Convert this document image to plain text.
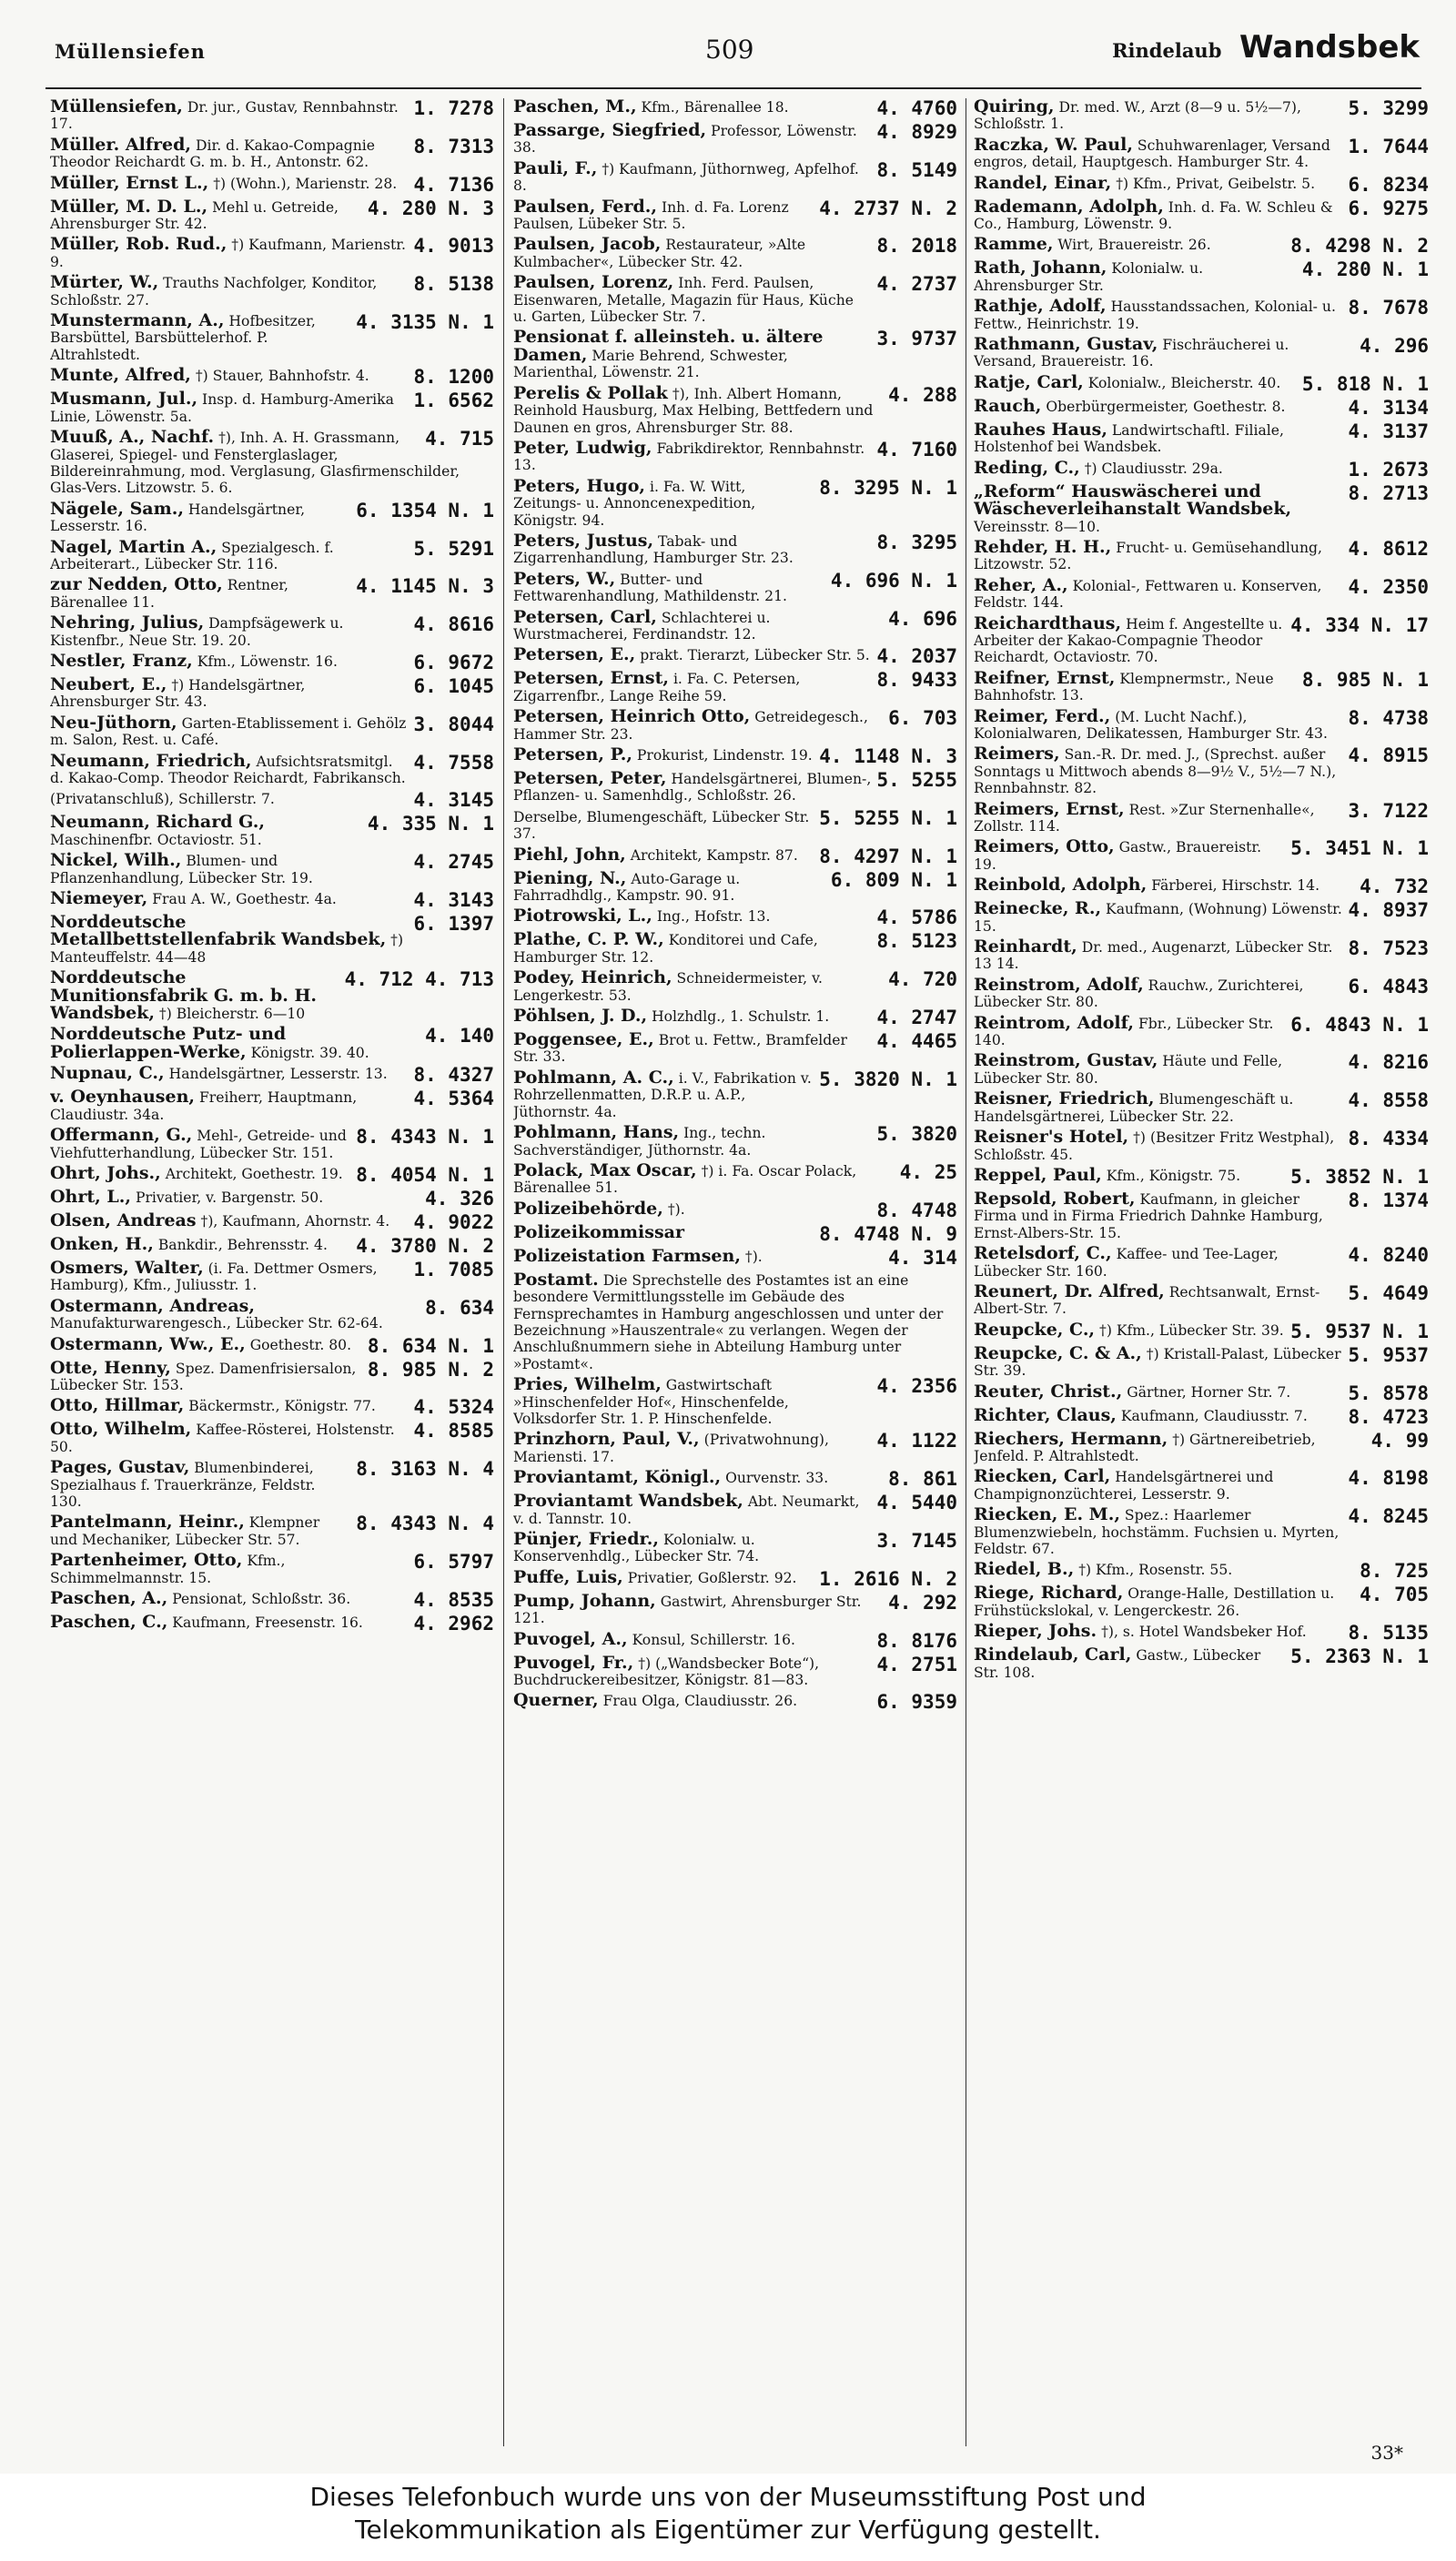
Müllensiefen	509	Rindelaub Wandsbek
1. 7278
Müllensiefen, Dr. jur., Gustav, Rennbahnstr. 17.
8. 7313
Müller. Alfred, Dir. d. Kakao-Compagnie Theodor Reichardt G. m. b. H., Antonstr. 62.
4. 7136
Müller, Ernst L., †) (Wohn.), Marienstr. 28.
4. 280 N. 3
Müller, M. D. L., Mehl u. Getreide, Ahrensburger Str. 42.
4. 9013
Müller, Rob. Rud., †) Kaufmann, Marienstr. 9.
8. 5138
Mürter, W., Trauths Nachfolger, Konditor, Schloßstr. 27.
4. 3135 N. 1
Munstermann, A., Hofbesitzer, Barsbüttel, Barsbüttelerhof. P. Altrahlstedt.
8. 1200
Munte, Alfred, †) Stauer, Bahnhofstr. 4.
1. 6562
Musmann, Jul., Insp. d. Hamburg-Amerika Linie, Löwenstr. 5a.
4. 715
Muuß, A., Nachf. †), Inh. A. H. Grassmann, Glaserei, Spiegel- und Fensterglaslager, Bildereinrahmung, mod. Verglasung, Glasfirmenschilder, Glas-Vers. Litzowstr. 5. 6.
6. 1354 N. 1
Nägele, Sam., Handelsgärtner, Lesserstr. 16.
5. 5291
Nagel, Martin A., Spezialgesch. f. Arbeiterart., Lübecker Str. 116.
4. 1145 N. 3
zur Nedden, Otto, Rentner, Bärenallee 11.
4. 8616
Nehring, Julius, Dampfsägewerk u. Kistenfbr., Neue Str. 19. 20.
6. 9672
Nestler, Franz, Kfm., Löwenstr. 16.
6. 1045
Neubert, E., †) Handelsgärtner, Ahrensburger Str. 43.
3. 8044
Neu-Jüthorn, Garten-Etablissement i. Gehölz m. Salon, Rest. u. Café.
4. 7558
Neumann, Friedrich, Aufsichtsratsmitgl. d. Kakao-Comp. Theodor Reichardt, Fabrikansch.
4. 3145
(Privatanschluß), Schillerstr. 7.
4. 335 N. 1
Neumann, Richard G., Maschinenfbr. Octaviostr. 51.
4. 2745
Nickel, Wilh., Blumen- und Pflanzenhandlung, Lübecker Str. 19.
4. 3143
Niemeyer, Frau A. W., Goethestr. 4a.
6. 1397
Norddeutsche Metallbettstellenfabrik Wandsbek, †) Manteuffelstr. 44—48
4. 712 4. 713
Norddeutsche Munitionsfabrik G. m. b. H. Wandsbek, †) Bleicherstr. 6—10
4. 140
Norddeutsche Putz- und Polierlappen-Werke, Königstr. 39. 40.
8. 4327
Nupnau, C., Handelsgärtner, Lesserstr. 13.
4. 5364
v. Oeynhausen, Freiherr, Hauptmann, Claudiustr. 34a.
8. 4343 N. 1
Offermann, G., Mehl-, Getreide- und Viehfutterhandlung, Lübecker Str. 151.
8. 4054 N. 1
Ohrt, Johs., Architekt, Goethestr. 19.
4. 326
Ohrt, L., Privatier, v. Bargenstr. 50.
4. 9022
Olsen, Andreas †), Kaufmann, Ahornstr. 4.
4. 3780 N. 2
Onken, H., Bankdir., Behrensstr. 4.
1. 7085
Osmers, Walter, (i. Fa. Dettmer Osmers, Hamburg), Kfm., Juliusstr. 1.
8. 634
Ostermann, Andreas, Manufakturwarengesch., Lübecker Str. 62-64.
8. 634 N. 1
Ostermann, Ww., E., Goethestr. 80.
8. 985 N. 2
Otte, Henny, Spez. Damenfrisiersalon, Lübecker Str. 153.
4. 5324
Otto, Hillmar, Bäckermstr., Königstr. 77.
4. 8585
Otto, Wilhelm, Kaffee-Rösterei, Holstenstr. 50.
8. 3163 N. 4
Pages, Gustav, Blumenbinderei, Spezialhaus f. Trauerkränze, Feldstr. 130.
8. 4343 N. 4
Pantelmann, Heinr., Klempner und Mechaniker, Lübecker Str. 57.
6. 5797
Partenheimer, Otto, Kfm., Schimmelmannstr. 15.
4. 8535
Paschen, A., Pensionat, Schloßstr. 36.
4. 2962
Paschen, C., Kaufmann, Freesenstr. 16.
4. 4760
Paschen, M., Kfm., Bärenallee 18.
4. 8929
Passarge, Siegfried, Professor, Löwenstr. 38.
8. 5149
Pauli, F., †) Kaufmann, Jüthornweg, Apfelhof. 8.
4. 2737 N. 2
Paulsen, Ferd., Inh. d. Fa. Lorenz Paulsen, Lübeker Str. 5.
8. 2018
Paulsen, Jacob, Restaurateur, »Alte Kulmbacher«, Lübecker Str. 42.
4. 2737
Paulsen, Lorenz, Inh. Ferd. Paulsen, Eisenwaren, Metalle, Magazin für Haus, Küche u. Garten, Lübecker Str. 7.
3. 9737
Pensionat f. alleinsteh. u. ältere Damen, Marie Behrend, Schwester, Marienthal, Löwenstr. 21.
4. 288
Perelis & Pollak †), Inh. Albert Homann, Reinhold Hausburg, Max Helbing, Bettfedern und Daunen en gros, Ahrensburger Str. 88.
4. 7160
Peter, Ludwig, Fabrikdirektor, Rennbahnstr. 13.
8. 3295 N. 1
Peters, Hugo, i. Fa. W. Witt, Zeitungs- u. Annoncenexpedition, Königstr. 94.
8. 3295
Peters, Justus, Tabak- und Zigarrenhandlung, Hamburger Str. 23.
4. 696 N. 1
Peters, W., Butter- und Fettwarenhandlung, Mathildenstr. 21.
4. 696
Petersen, Carl, Schlachterei u. Wurstmacherei, Ferdinandstr. 12.
4. 2037
Petersen, E., prakt. Tierarzt, Lübecker Str. 5.
8. 9433
Petersen, Ernst, i. Fa. C. Petersen, Zigarrenfbr., Lange Reihe 59.
6. 703
Petersen, Heinrich Otto, Getreidegesch., Hammer Str. 23.
4. 1148 N. 3
Petersen, P., Prokurist, Lindenstr. 19.
5. 5255
Petersen, Peter, Handelsgärtnerei, Blumen-, Pflanzen- u. Samenhdlg., Schloßstr. 26.
5. 5255 N. 1
Derselbe, Blumengeschäft, Lübecker Str. 37.
8. 4297 N. 1
Piehl, John, Architekt, Kampstr. 87.
6. 809 N. 1
Piening, N., Auto-Garage u. Fahrradhdlg., Kampstr. 90. 91.
4. 5786
Piotrowski, L., Ing., Hofstr. 13.
8. 5123
Plathe, C. P. W., Konditorei und Cafe, Hamburger Str. 12.
4. 720
Podey, Heinrich, Schneidermeister, v. Lengerkestr. 53.
4. 2747
Pöhlsen, J. D., Holzhdlg., 1. Schulstr. 1.
4. 4465
Poggensee, E., Brot u. Fettw., Bramfelder Str. 33.
5. 3820 N. 1
Pohlmann, A. C., i. V., Fabrikation v. Rohrzellenmatten, D.R.P. u. A.P., Jüthornstr. 4a.
5. 3820
Pohlmann, Hans, Ing., techn. Sachverständiger, Jüthornstr. 4a.
4. 25
Polack, Max Oscar, †) i. Fa. Oscar Polack, Bärenallee 51.
8. 4748
Polizeibehörde, †).
8. 4748 N. 9
Polizeikommissar
4. 314
Polizeistation Farmsen, †).
Postamt. Die Sprechstelle des Postamtes ist an eine besondere Vermittlungsstelle im Gebäude des Fernsprechamtes in Hamburg angeschlossen und unter der Bezeichnung »Hauszentrale« zu verlangen. Wegen der Anschlußnummern siehe in Abteilung Hamburg unter »Postamt«.
4. 2356
Pries, Wilhelm, Gastwirtschaft »Hinschenfelder Hof«, Hinschenfelde, Volksdorfer Str. 1. P. Hinschenfelde.
4. 1122
Prinzhorn, Paul, V., (Privatwohnung), Mariensti. 17.
8. 861
Proviantamt, Königl., Ourvenstr. 33.
4. 5440
Proviantamt Wandsbek, Abt. Neumarkt, v. d. Tannstr. 10.
3. 7145
Pünjer, Friedr., Kolonialw. u. Konservenhdlg., Lübecker Str. 74.
1. 2616 N. 2
Puffe, Luis, Privatier, Goßlerstr. 92.
4. 292
Pump, Johann, Gastwirt, Ahrensburger Str. 121.
8. 8176
Puvogel, A., Konsul, Schillerstr. 16.
4. 2751
Puvogel, Fr., †) („Wandsbecker Bote“), Buchdruckereibesitzer, Königstr. 81—83.
6. 9359
Querner, Frau Olga, Claudiusstr. 26.
5. 3299
Quiring, Dr. med. W., Arzt (8—9 u. 5½—7), Schloßstr. 1.
1. 7644
Raczka, W. Paul, Schuhwarenlager, Versand engros, detail, Hauptgesch. Hamburger Str. 4.
6. 8234
Randel, Einar, †) Kfm., Privat, Geibelstr. 5.
6. 9275
Rademann, Adolph, Inh. d. Fa. W. Schleu & Co., Hamburg, Löwenstr. 9.
8. 4298 N. 2
Ramme, Wirt, Brauereistr. 26.
4. 280 N. 1
Rath, Johann, Kolonialw. u. Ahrensburger Str.
8. 7678
Rathje, Adolf, Hausstandssachen, Kolonial- u. Fettw., Heinrichstr. 19.
4. 296
Rathmann, Gustav, Fischräucherei u. Versand, Brauereistr. 16.
5. 818 N. 1
Ratje, Carl, Kolonialw., Bleicherstr. 40.
4. 3134
Rauch, Oberbürgermeister, Goethestr. 8.
4. 3137
Rauhes Haus, Landwirtschaftl. Filiale, Holstenhof bei Wandsbek.
1. 2673
Reding, C., †) Claudiusstr. 29a.
8. 2713
„Reform“ Hauswäscherei und Wäscheverleihanstalt Wandsbek, Vereinsstr. 8—10.
4. 8612
Rehder, H. H., Frucht- u. Gemüsehandlung, Litzowstr. 52.
4. 2350
Reher, A., Kolonial-, Fettwaren u. Konserven, Feldstr. 144.
4. 334 N. 17
Reichardthaus, Heim f. Angestellte u. Arbeiter der Kakao-Compagnie Theodor Reichardt, Octaviostr. 70.
8. 985 N. 1
Reifner, Ernst, Klempnermstr., Neue Bahnhofstr. 13.
8. 4738
Reimer, Ferd., (M. Lucht Nachf.), Kolonialwaren, Delikatessen, Hamburger Str. 43.
4. 8915
Reimers, San.-R. Dr. med. J., (Sprechst. außer Sonntags u Mittwoch abends 8—9½ V., 5½—7 N.), Rennbahnstr. 82.
3. 7122
Reimers, Ernst, Rest. »Zur Sternenhalle«, Zollstr. 114.
5. 3451 N. 1
Reimers, Otto, Gastw., Brauereistr. 19.
4. 732
Reinbold, Adolph, Färberei, Hirschstr. 14.
4. 8937
Reinecke, R., Kaufmann, (Wohnung) Löwenstr. 15.
8. 7523
Reinhardt, Dr. med., Augenarzt, Lübecker Str. 13 14.
6. 4843
Reinstrom, Adolf, Rauchw., Zurichterei, Lübecker Str. 80.
6. 4843 N. 1
Reintrom, Adolf, Fbr., Lübecker Str. 140.
4. 8216
Reinstrom, Gustav, Häute und Felle, Lübecker Str. 80.
4. 8558
Reisner, Friedrich, Blumengeschäft u. Handelsgärtnerei, Lübecker Str. 22.
8. 4334
Reisner's Hotel, †) (Besitzer Fritz Westphal), Schloßstr. 45.
5. 3852 N. 1
Reppel, Paul, Kfm., Königstr. 75.
8. 1374
Repsold, Robert, Kaufmann, in gleicher Firma und in Firma Friedrich Dahnke Hamburg, Ernst-Albers-Str. 15.
4. 8240
Retelsdorf, C., Kaffee- und Tee-Lager, Lübecker Str. 160.
5. 4649
Reunert, Dr. Alfred, Rechtsanwalt, Ernst-Albert-Str. 7.
5. 9537 N. 1
Reupcke, C., †) Kfm., Lübecker Str. 39.
5. 9537
Reupcke, C. & A., †) Kristall-Palast, Lübecker Str. 39.
5. 8578
Reuter, Christ., Gärtner, Horner Str. 7.
8. 4723
Richter, Claus, Kaufmann, Claudiusstr. 7.
4. 99
Riechers, Hermann, †) Gärtnereibetrieb, Jenfeld. P. Altrahlstedt.
4. 8198
Riecken, Carl, Handelsgärtnerei und Champignonzüchterei, Lesserstr. 9.
4. 8245
Riecken, E. M., Spez.: Haarlemer Blumenzwiebeln, hochstämm. Fuchsien u. Myrten, Feldstr. 67.
8. 725
Riedel, B., †) Kfm., Rosenstr. 55.
4. 705
Riege, Richard, Orange-Halle, Destillation u. Frühstückslokal, v. Lengerckestr. 26.
8. 5135
Rieper, Johs. †), s. Hotel Wandsbeker Hof.
5. 2363 N. 1
Rindelaub, Carl, Gastw., Lübecker Str. 108.
33*
Dieses Telefonbuch wurde uns von der Museumsstiftung Post und
Telekommunikation als Eigentümer zur Verfügung gestellt.
